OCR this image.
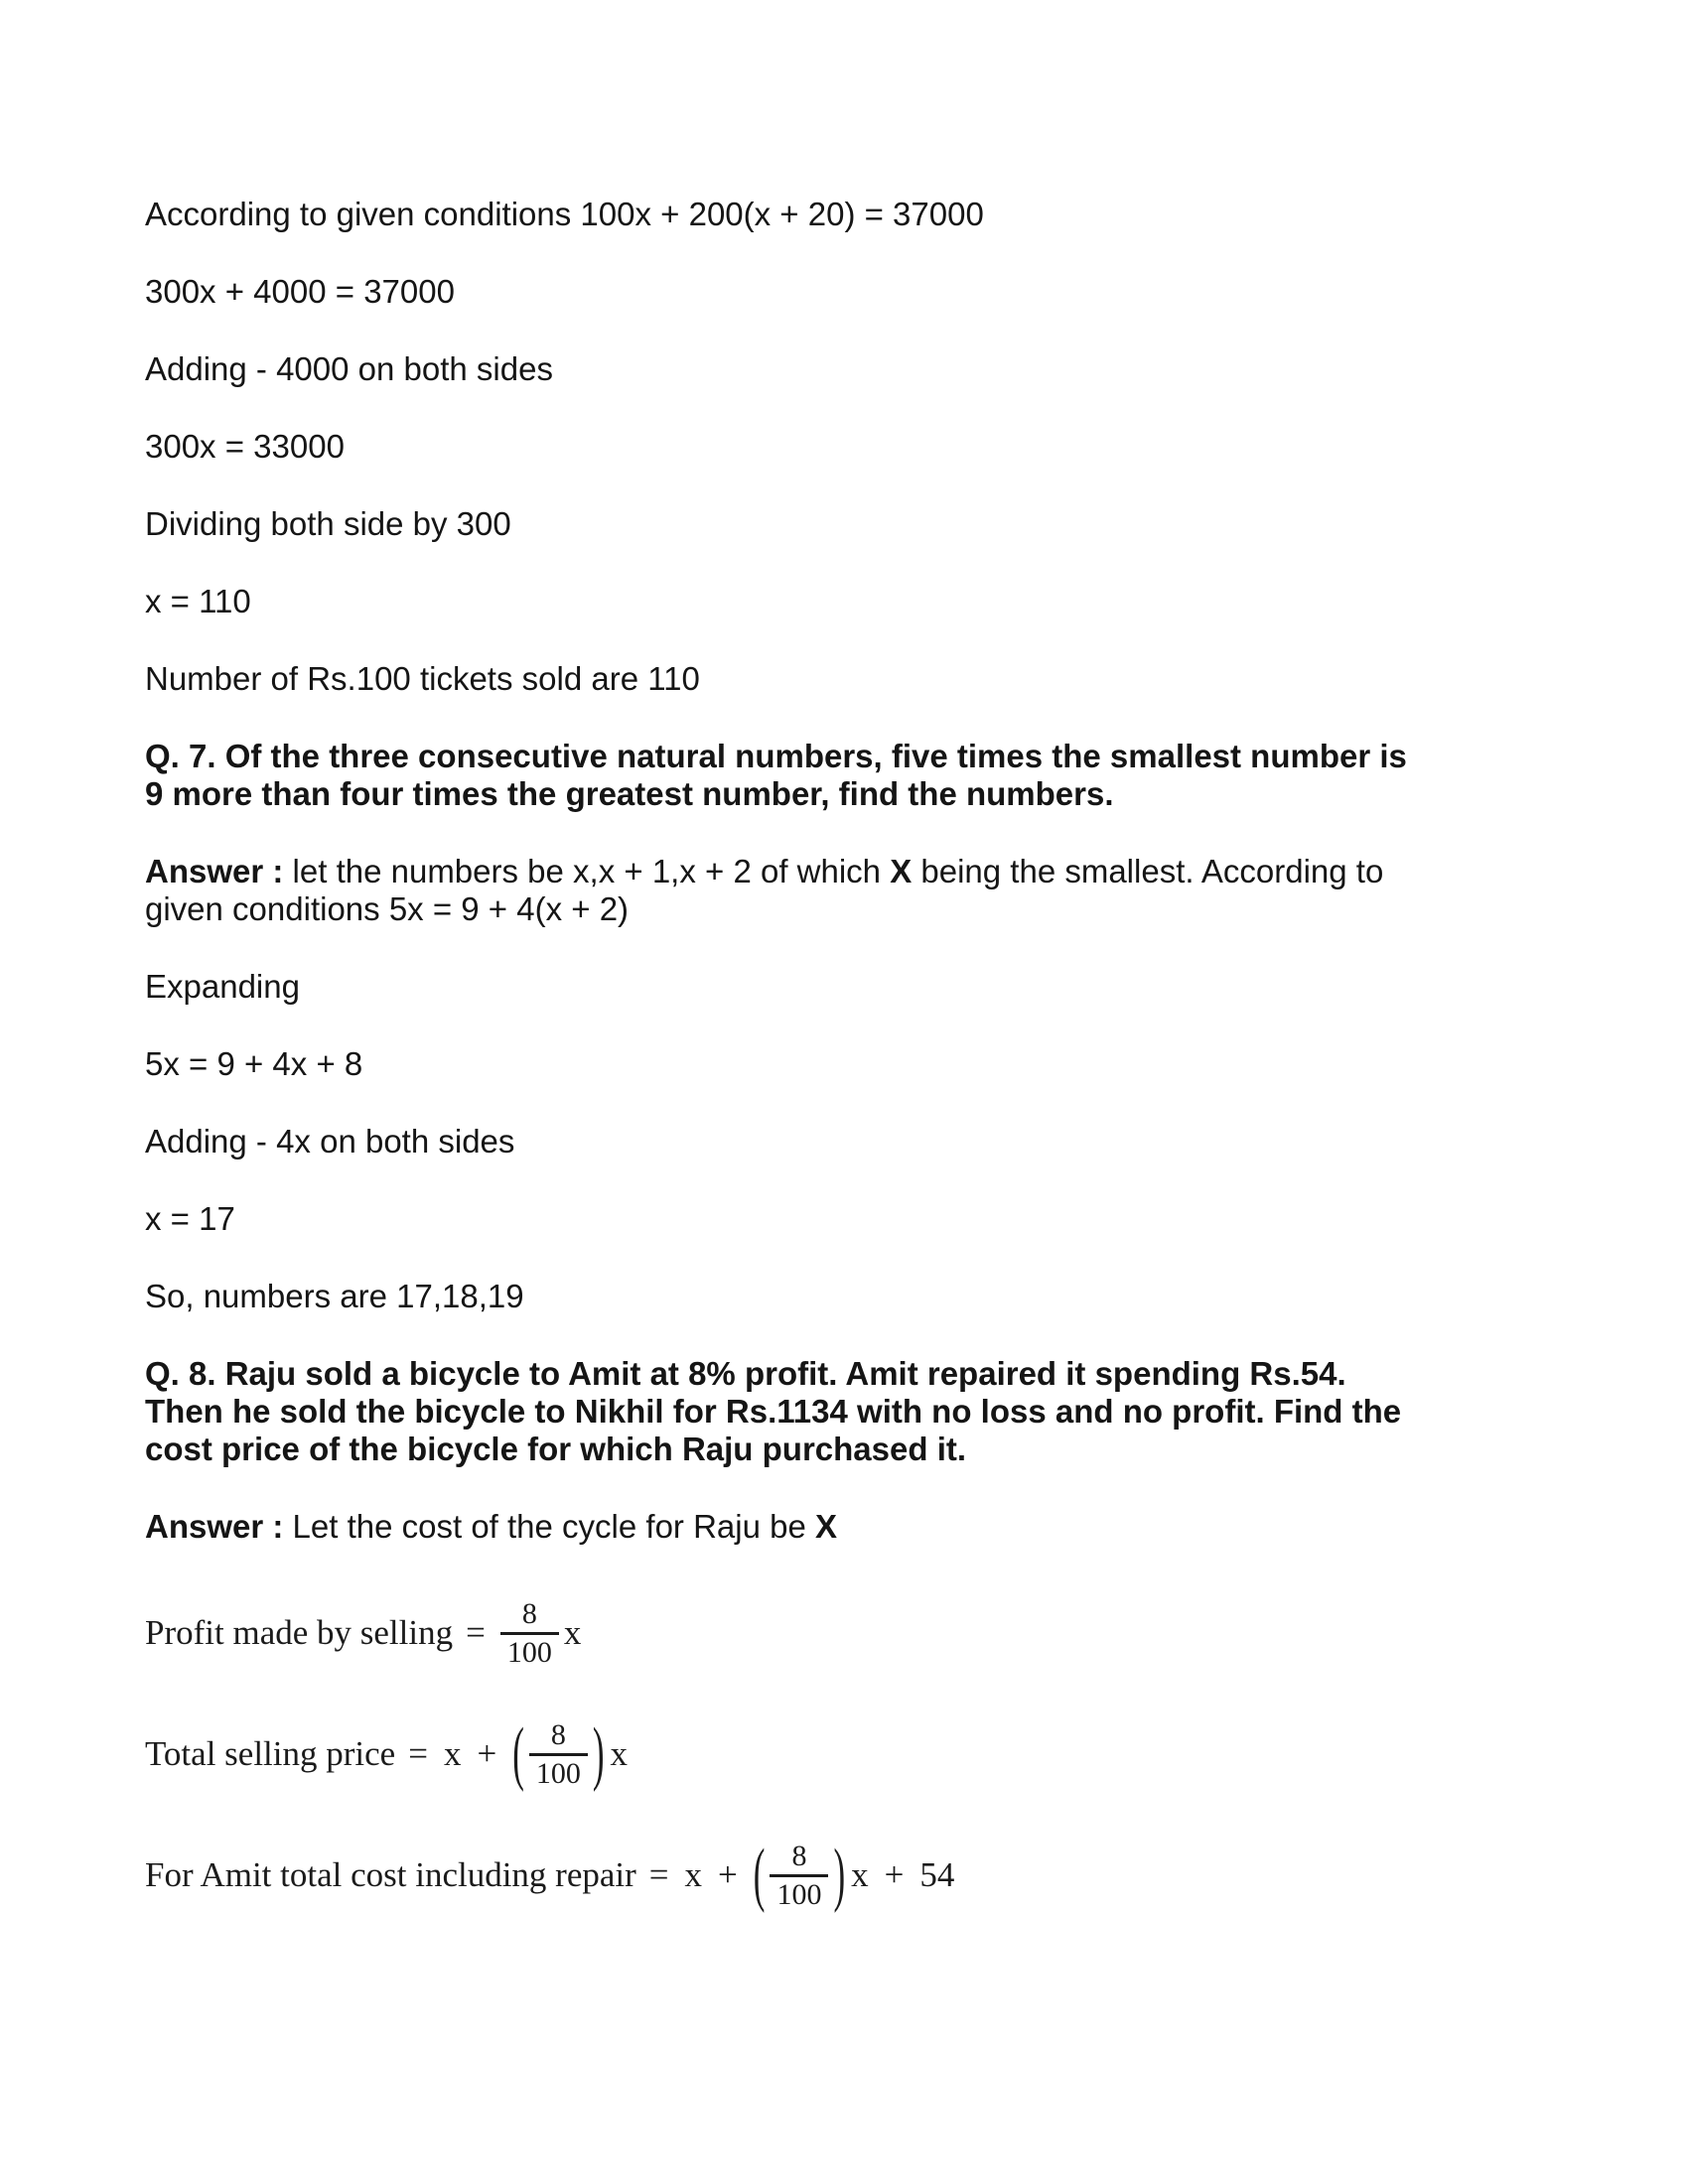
According to given conditions 100x + 200(x + 20) = 37000
300x + 4000 = 37000
Adding - 4000 on both sides
300x = 33000
Dividing both side by 300
x = 110
Number of Rs.100 tickets sold are 110
Q. 7. Of the three consecutive natural numbers, five times the smallest number is
9 more than four times the greatest number, find the numbers.
Answer : let the numbers be x,x + 1,x + 2 of which X being the smallest. According to
given conditions 5x = 9 + 4(x + 2)
Expanding
5x = 9 + 4x + 8
Adding - 4x on both sides
x = 17
So, numbers are 17,18,19
Q. 8. Raju sold a bicycle to Amit at 8% profit. Amit repaired it spending Rs.54.
Then he sold the bicycle to Nikhil for Rs.1134 with no loss and no profit. Find the
cost price of the bicycle for which Raju purchased it.
Answer : Let the cost of the cycle for Raju be X
Profit made by selling = $\frac{8}{100}$ x
Total selling price = x + ( $\frac{8}{100}$ ) x
For Amit total cost including repair = x + ( $\frac{8}{100}$ ) x + 54
